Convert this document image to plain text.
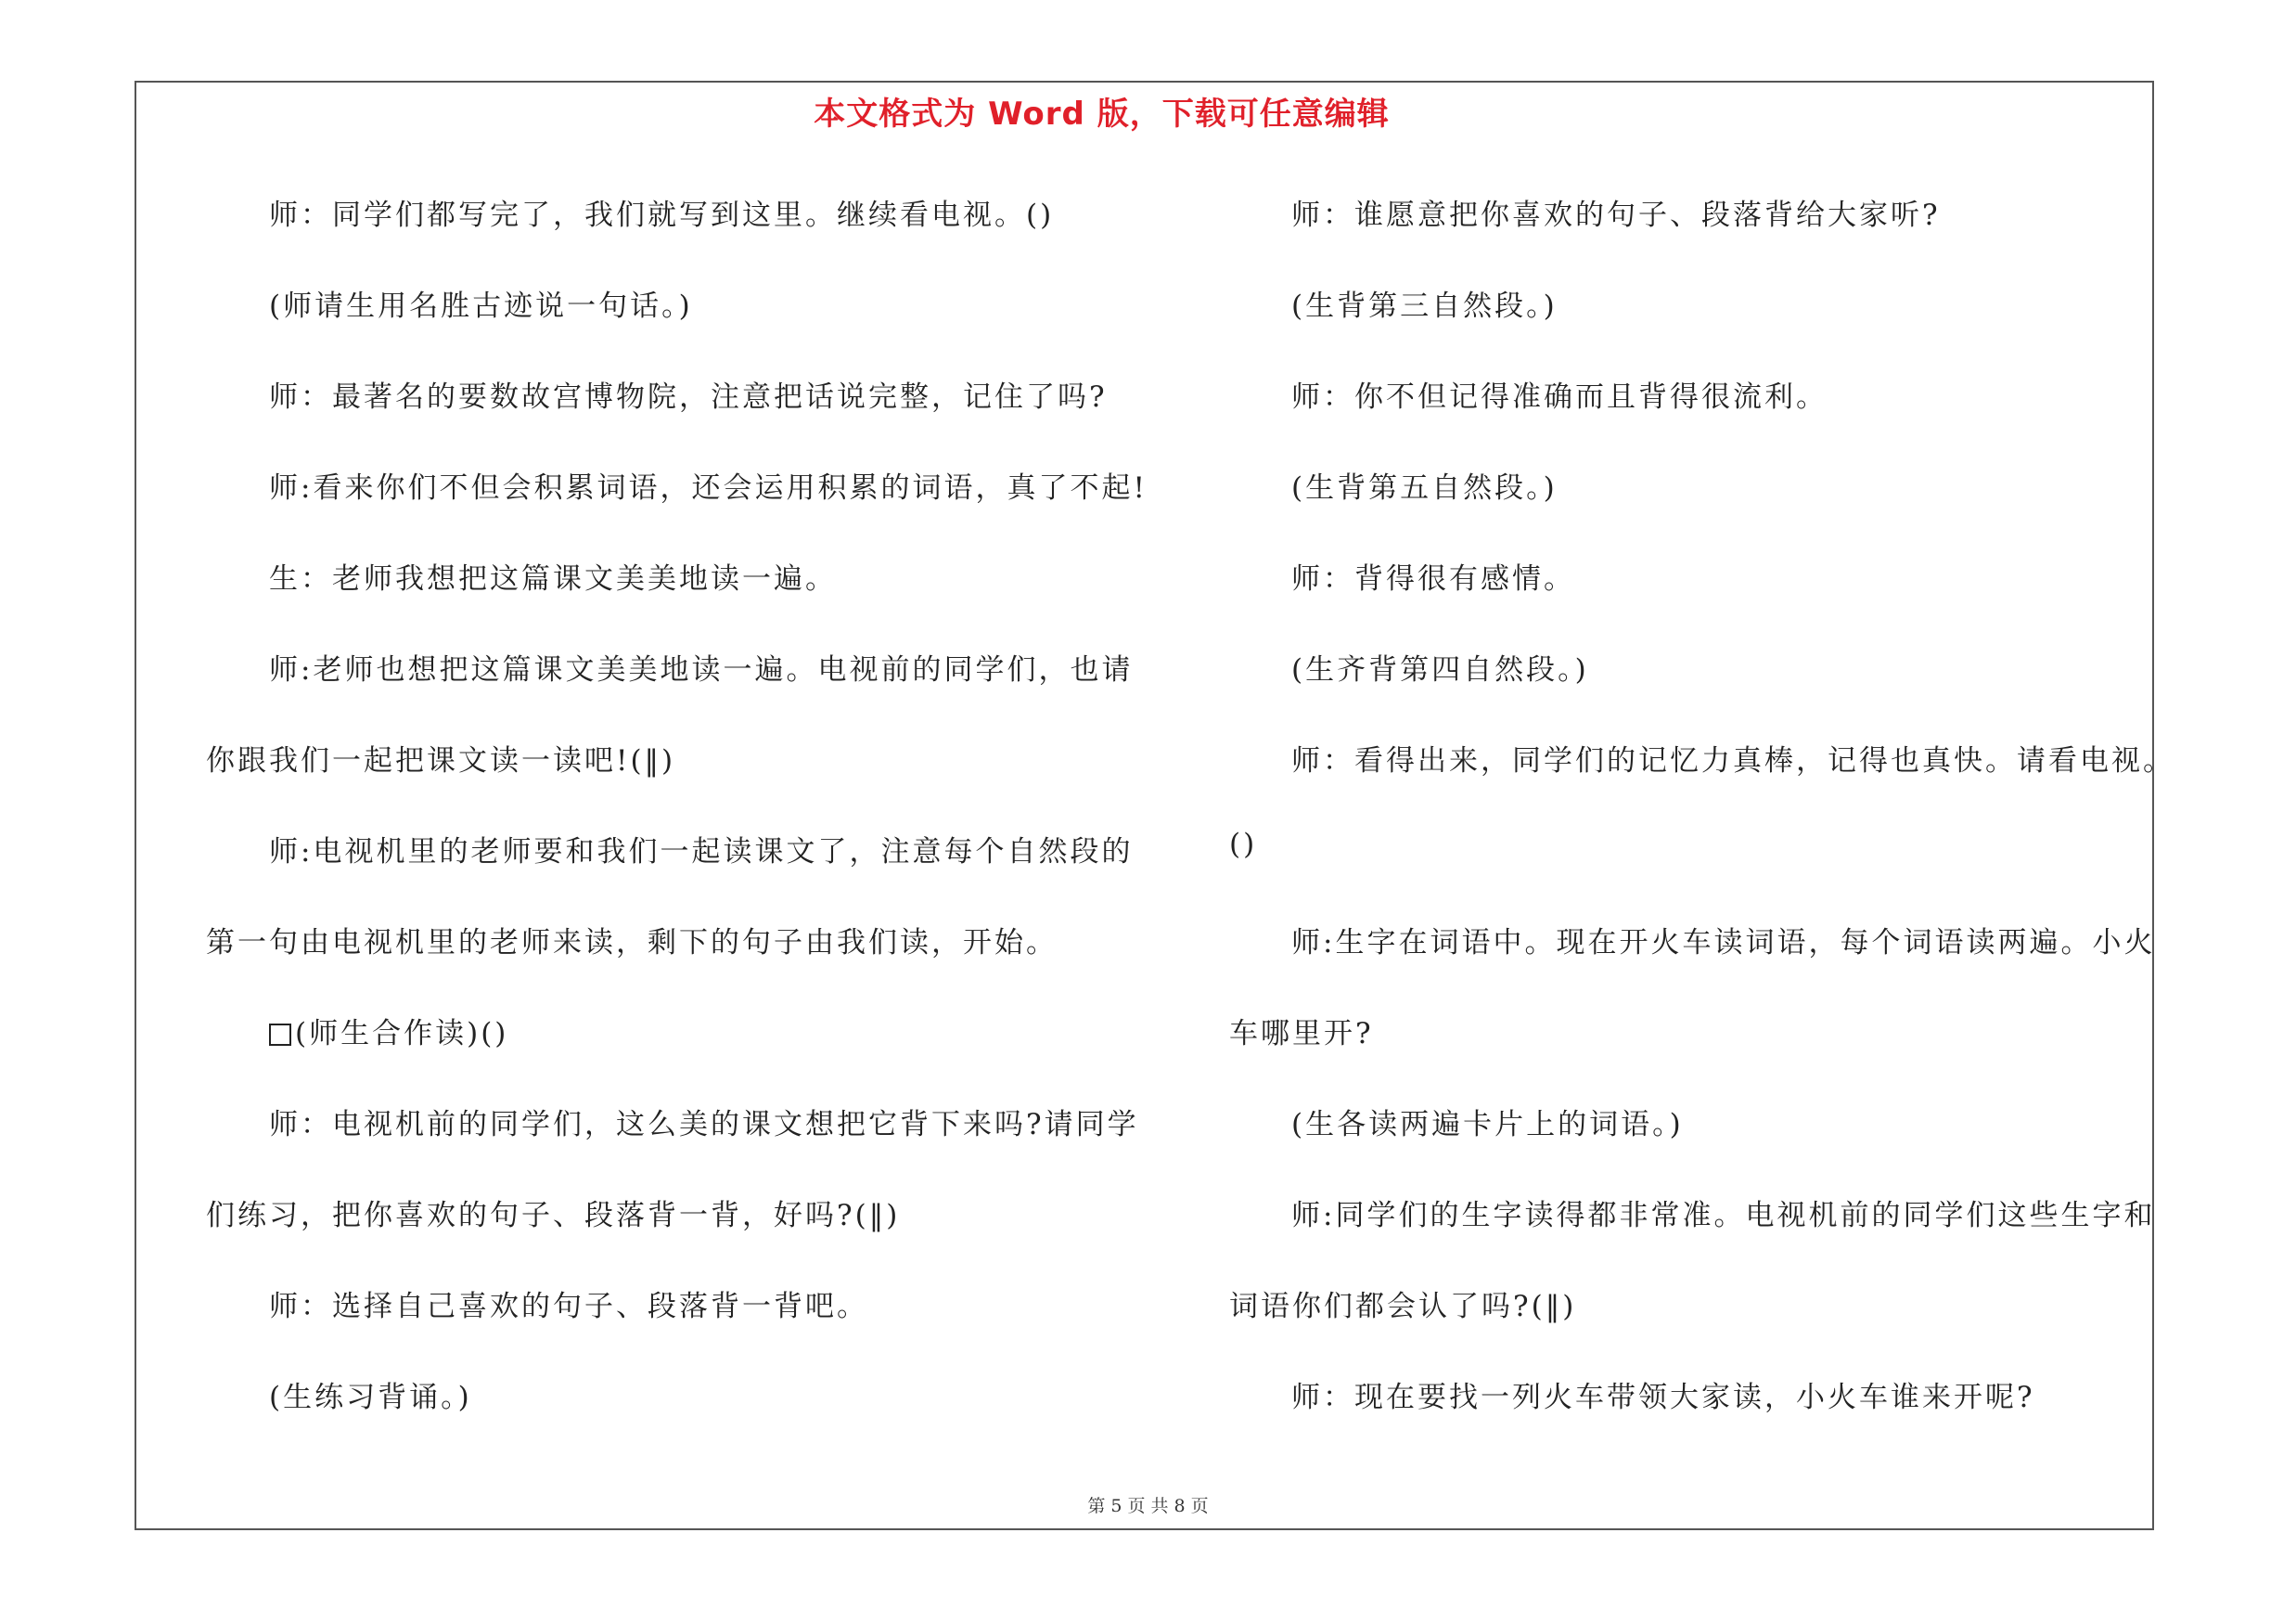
本文格式为 Word 版，下载可任意编辑
师：同学们都写完了，我们就写到这里。继续看电视。()
(师请生用名胜古迹说一句话。)
师：最著名的要数故宫博物院，注意把话说完整，记住了吗?
师:看来你们不但会积累词语，还会运用积累的词语，真了不起!
生：老师我想把这篇课文美美地读一遍。
师:老师也想把这篇课文美美地读一遍。电视前的同学们，也请
你跟我们一起把课文读一读吧!(‖)
师:电视机里的老师要和我们一起读课文了，注意每个自然段的
第一句由电视机里的老师来读，剩下的句子由我们读，开始。
(师生合作读)()
师：电视机前的同学们，这么美的课文想把它背下来吗?请同学
们练习，把你喜欢的句子、段落背一背，好吗?(‖)
师：选择自己喜欢的句子、段落背一背吧。
(生练习背诵。)
师：谁愿意把你喜欢的句子、段落背给大家听?
(生背第三自然段。)
师：你不但记得准确而且背得很流利。
(生背第五自然段。)
师：背得很有感情。
(生齐背第四自然段。)
师：看得出来，同学们的记忆力真棒，记得也真快。请看电视。
()
师:生字在词语中。现在开火车读词语，每个词语读两遍。小火
车哪里开?
(生各读两遍卡片上的词语。)
师:同学们的生字读得都非常准。电视机前的同学们这些生字和
词语你们都会认了吗?(‖)
师：现在要找一列火车带领大家读，小火车谁来开呢?
第 5 页 共 8 页
